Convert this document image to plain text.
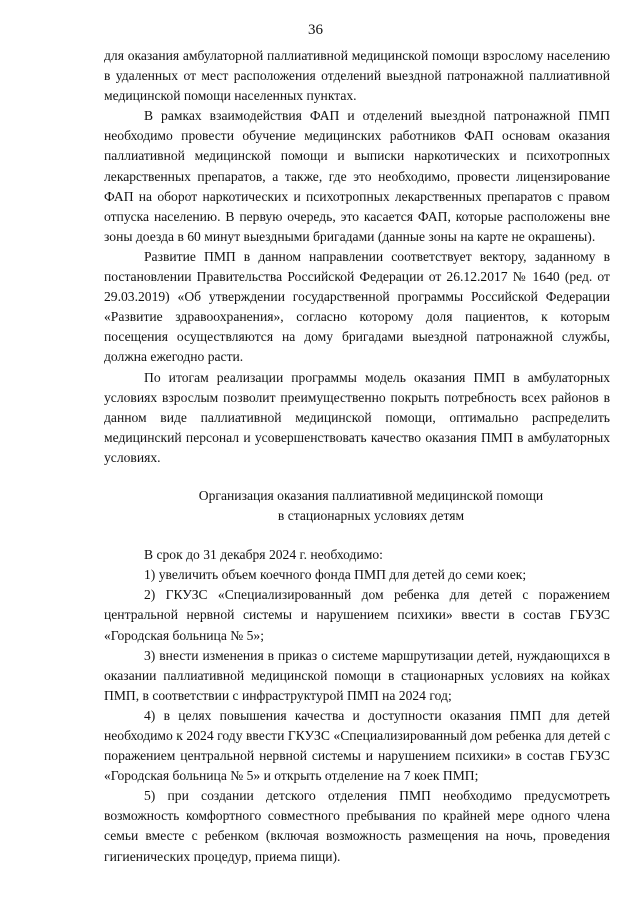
36

для оказания амбулаторной паллиативной медицинской помощи взрослому населению в удаленных от мест расположения отделений выездной патронажной паллиативной медицинской помощи населенных пунктах.

В рамках взаимодействия ФАП и отделений выездной патронажной ПМП необходимо провести обучение медицинских работников ФАП основам оказания паллиативной медицинской помощи и выписки наркотических и психотропных лекарственных препаратов, а также, где это необходимо, провести лицензирование ФАП на оборот наркотических и психотропных лекарственных препаратов с правом отпуска населению. В первую очередь, это касается ФАП, которые расположены вне зоны доезда в 60 минут выездными бригадами (данные зоны на карте не окрашены).

Развитие ПМП в данном направлении соответствует вектору, заданному в постановлении Правительства Российской Федерации от 26.12.2017 № 1640 (ред. от 29.03.2019) «Об утверждении государственной программы Российской Федерации «Развитие здравоохранения», согласно которому доля пациентов, к которым посещения осуществляются на дому бригадами выездной патронажной службы, должна ежегодно расти.

По итогам реализации программы модель оказания ПМП в амбулаторных условиях взрослым позволит преимущественно покрыть потребность всех районов в данном виде паллиативной медицинской помощи, оптимально распределить медицинский персонал и усовершенствовать качество оказания ПМП в амбулаторных условиях.

Организация оказания паллиативной медицинской помощи
в стационарных условиях детям

В срок до 31 декабря 2024 г. необходимо:

1) увеличить объем коечного фонда ПМП для детей до семи коек;

2) ГКУЗС «Специализированный дом ребенка для детей с поражением центральной нервной системы и нарушением психики» ввести в состав ГБУЗС «Городская больница № 5»;

3) внести изменения в приказ о системе маршрутизации детей, нуждающихся в оказании паллиативной медицинской помощи в стационарных условиях на койках ПМП, в соответствии с инфраструктурой ПМП на 2024 год;

4) в целях повышения качества и доступности оказания ПМП для детей необходимо к 2024 году ввести ГКУЗС «Специализированный дом ребенка для детей с поражением центральной нервной системы и нарушением психики» в состав ГБУЗС «Городская больница № 5» и открыть отделение на 7 коек ПМП;

5) при создании детского отделения ПМП необходимо предусмотреть возможность комфортного совместного пребывания по крайней мере одного члена семьи вместе с ребенком (включая возможность размещения на ночь, проведения гигиенических процедур, приема пищи).
